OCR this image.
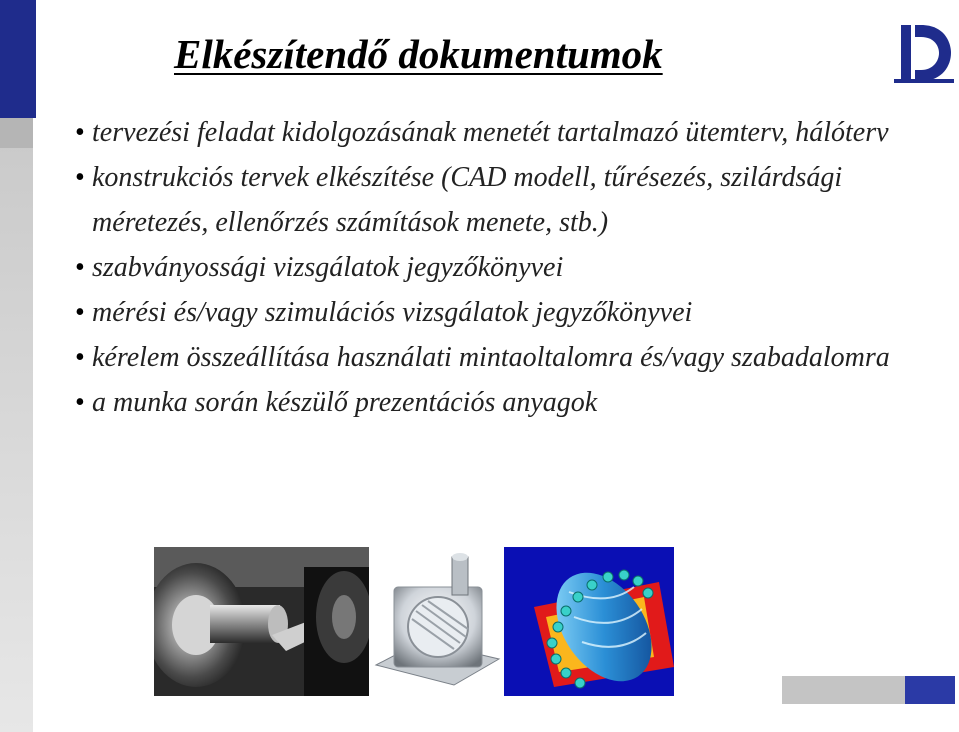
Elkészítendő dokumentumok	DIRECT-LINE KFT.
• tervezési feladat kidolgozásának menetét tartalmazó ütemterv, hálóterv
• konstrukciós tervek elkészítése (CAD modell, tűrésezés, szilárdsági méretezés, ellenőrzés számítások menete, stb.)
• szabványossági vizsgálatok jegyzőkönyvei
• mérési és/vagy szimulációs vizsgálatok jegyzőkönyvei
• kérelem összeállítása használati mintaoltalomra és/vagy szabadalomra
• a munka során készülő prezentációs anyagok
